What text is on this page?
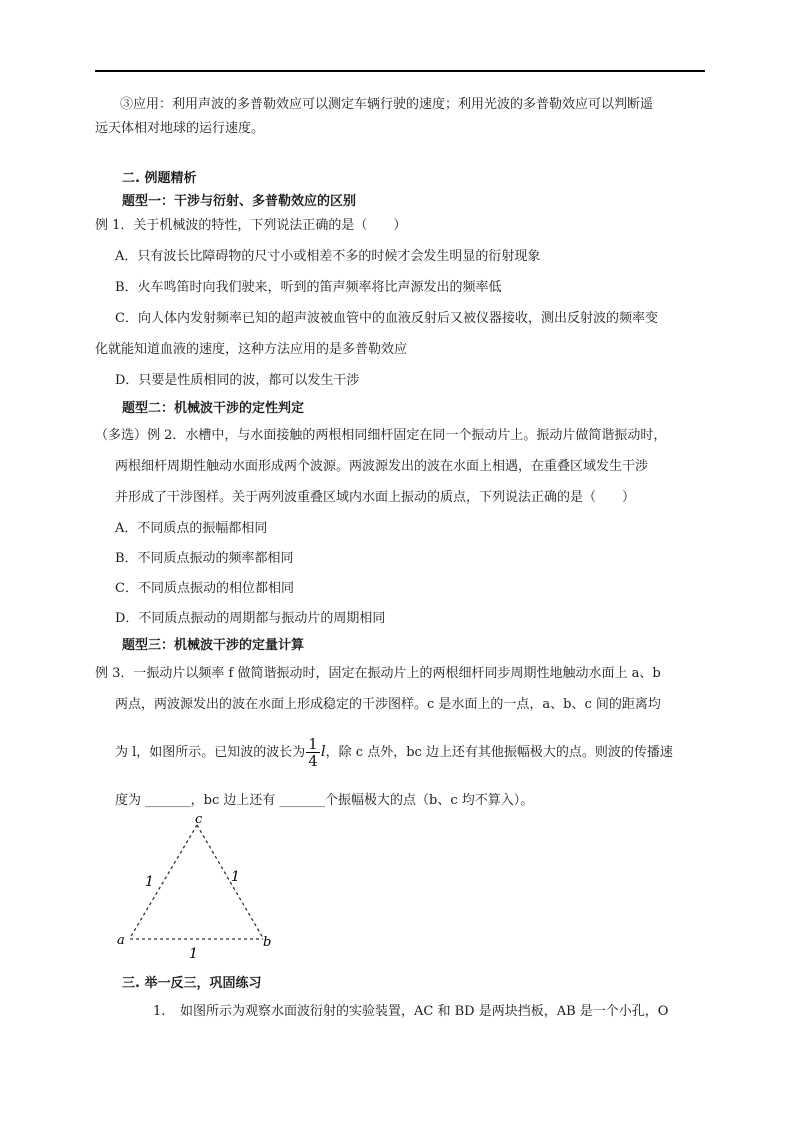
③应用：利用声波的多普勒效应可以测定车辆行驶的速度；利用光波的多普勒效应可以判断遥
远天体相对地球的运行速度。
二. 例题精析
题型一：干涉与衍射、多普勒效应的区别
例 1．关于机械波的特性，下列说法正确的是（　　）
A．只有波长比障碍物的尺寸小或相差不多的时候才会发生明显的衍射现象
B．火车鸣笛时向我们驶来，听到的笛声频率将比声源发出的频率低
C．向人体内发射频率已知的超声波被血管中的血液反射后又被仪器接收，测出反射波的频率变
化就能知道血液的速度，这种方法应用的是多普勒效应
D．只要是性质相同的波，都可以发生干涉
题型二：机械波干涉的定性判定
（多选）例 2．水槽中，与水面接触的两根相同细杆固定在同一个振动片上。振动片做简谐振动时，
两根细杆周期性触动水面形成两个波源。两波源发出的波在水面上相遇，在重叠区域发生干涉
并形成了干涉图样。关于两列波重叠区域内水面上振动的质点，下列说法正确的是（　　）
A．不同质点的振幅都相同
B．不同质点振动的频率都相同
C．不同质点振动的相位都相同
D．不同质点振动的周期都与振动片的周期相同
题型三：机械波干涉的定量计算
例 3．一振动片以频率 f 做简谐振动时，固定在振动片上的两根细杆同步周期性地触动水面上 a、b
两点，两波源发出的波在水面上形成稳定的干涉图样。c 是水面上的一点，a、b、c 间的距离均
为 l，如图所示。已知波的波长为 $\frac{1}{4}$ l，除 c 点外，bc 边上还有其他振幅极大的点。则波的传播速
度为 _______，bc 边上还有 _______个振幅极大的点（b、c 均不算入）。
c
a	b
1	1
1
三. 举一反三，巩固练习
1. 如图所示为观察水面波衍射的实验装置，AC 和 BD 是两块挡板，AB 是一个小孔，O
